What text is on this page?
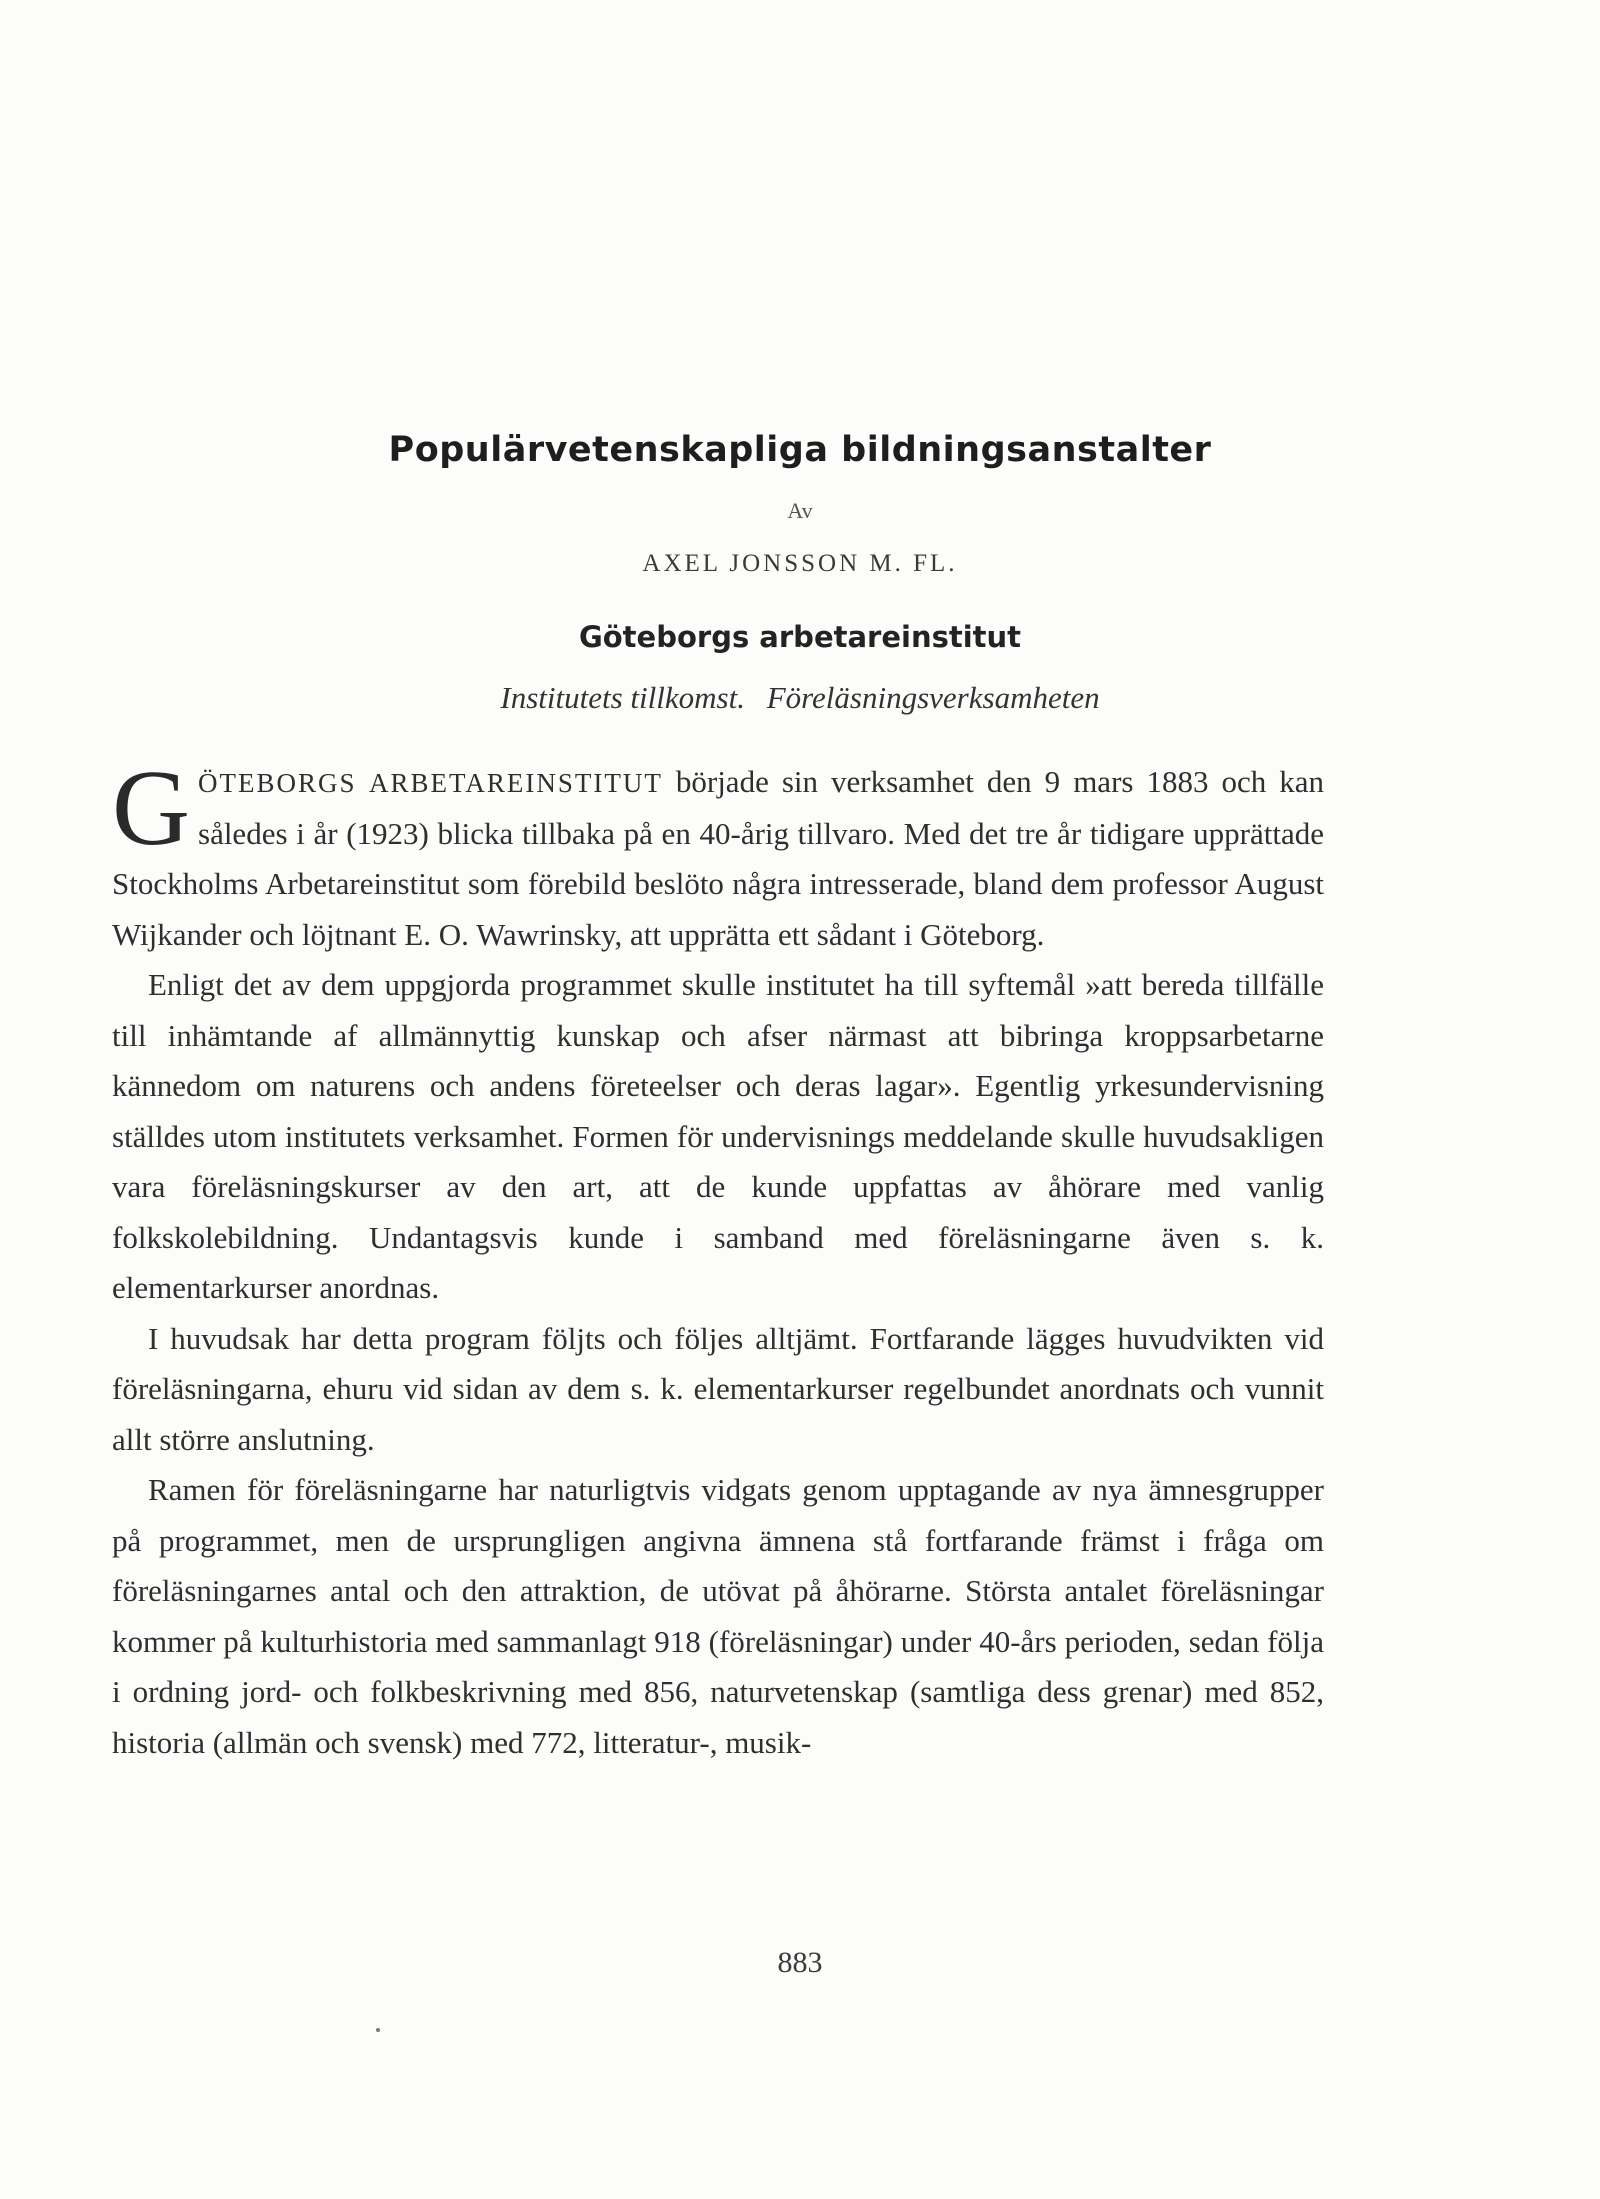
Populärvetenskapliga bildningsanstalter
Av
AXEL JONSSON M. FL.
Göteborgs arbetareinstitut
Institutets tillkomst. Föreläsningsverksamheten

GÖTEBORGS ARBETAREINSTITUT började sin verksamhet den 9 mars 1883 och kan således i år (1923) blicka tillbaka på en 40-årig tillvaro. Med det tre år tidigare upprättade Stockholms Arbetareinstitut som förebild beslöto några intresserade, bland dem professor August Wijkander och löjtnant E. O. Wawrinsky, att upprätta ett sådant i Göteborg.

Enligt det av dem uppgjorda programmet skulle institutet ha till syftemål »att bereda tillfälle till inhämtande af allmännyttig kunskap och afser närmast att bibringa kroppsarbetarne kännedom om naturens och andens företeelser och deras lagar». Egentlig yrkesundervisning ställdes utom institutets verksamhet. Formen för undervisnings meddelande skulle huvudsakligen vara föreläsningskurser av den art, att de kunde uppfattas av åhörare med vanlig folkskolebildning. Undantagsvis kunde i samband med föreläsningarne även s. k. elementarkurser anordnas.

I huvudsak har detta program följts och följes alltjämt. Fortfarande lägges huvudvikten vid föreläsningarna, ehuru vid sidan av dem s. k. elementarkurser regelbundet anordnats och vunnit allt större anslutning.

Ramen för föreläsningarne har naturligtvis vidgats genom upptagande av nya ämnesgrupper på programmet, men de ursprungligen angivna ämnena stå fortfarande främst i fråga om föreläsningarnes antal och den attraktion, de utövat på åhörarne. Största antalet föreläsningar kommer på kulturhistoria med sammanlagt 918 (föreläsningar) under 40-års perioden, sedan följa i ordning jord- och folkbeskrivning med 856, naturvetenskap (samtliga dess grenar) med 852, historia (allmän och svensk) med 772, litteratur-, musik-

883
